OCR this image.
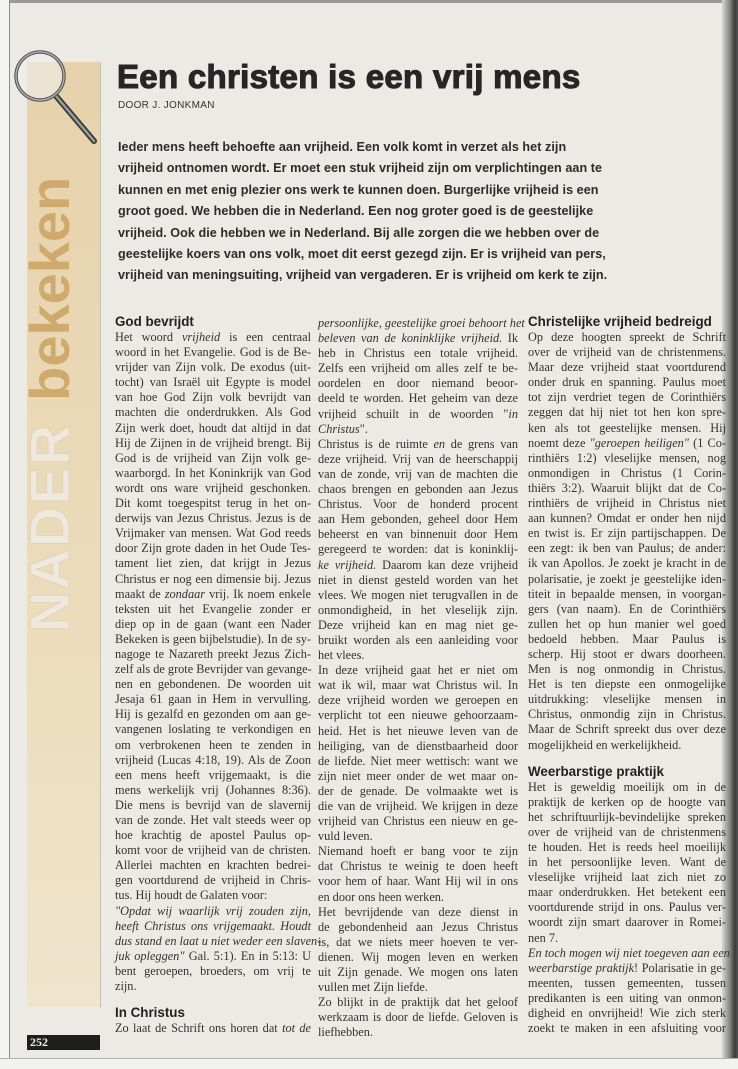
NADERbekeken
Een christen is een vrij mens
DOOR J. JONKMAN
Ieder mens heeft behoefte aan vrijheid. Een volk komt in verzet als het zijn
vrijheid ontnomen wordt. Er moet een stuk vrijheid zijn om verplichtingen aan te
kunnen en met enig plezier ons werk te kunnen doen. Burgerlijke vrijheid is een
groot goed. We hebben die in Nederland. Een nog groter goed is de geestelijke
vrijheid. Ook die hebben we in Nederland. Bij alle zorgen die we hebben over de
geestelijke koers van ons volk, moet dit eerst gezegd zijn. Er is vrijheid van pers,
vrijheid van meningsuiting, vrijheid van vergaderen. Er is vrijheid om kerk te zijn.
God bevrijdt
Het woord vrijheid is een centraal
woord in het Evangelie. God is de Be-
vrijder van Zijn volk. De exodus (uit-
tocht) van Israël uit Egypte is model
van hoe God Zijn volk bevrijdt van
machten die onderdrukken. Als God
Zijn werk doet, houdt dat altijd in dat
Hij de Zijnen in de vrijheid brengt. Bij
God is de vrijheid van Zijn volk ge-
waarborgd. In het Koninkrijk van God
wordt ons ware vrijheid geschonken.
Dit komt toegespitst terug in het on-
derwijs van Jezus Christus. Jezus is de
Vrijmaker van mensen. Wat God reeds
door Zijn grote daden in het Oude Tes-
tament liet zien, dat krijgt in Jezus
Christus er nog een dimensie bij. Jezus
maakt de zondaar vrij. Ik noem enkele
teksten uit het Evangelie zonder er
diep op in de gaan (want een Nader
Bekeken is geen bijbelstudie). In de sy-
nagoge te Nazareth preekt Jezus Zich-
zelf als de grote Bevrijder van gevange-
nen en gebondenen. De woorden uit
Jesaja 61 gaan in Hem in vervulling.
Hij is gezalfd en gezonden om aan ge-
vangenen loslating te verkondigen en
om verbrokenen heen te zenden in
vrijheid (Lucas 4:18, 19). Als de Zoon
een mens heeft vrijgemaakt, is die
mens werkelijk vrij (Johannes 8:36).
Die mens is bevrijd van de slavernij
van de zonde. Het valt steeds weer op
hoe krachtig de apostel Paulus op-
komt voor de vrijheid van de christen.
Allerlei machten en krachten bedrei-
gen voortdurend de vrijheid in Chris-
tus. Hij houdt de Galaten voor:
"Opdat wij waarlijk vrij zouden zijn,
heeft Christus ons vrijgemaakt. Houdt
dus stand en laat u niet weder een slaven-
juk opleggen" Gal. 5:1). En in 5:13: U
bent geroepen, broeders, om vrij te
zijn.
In Christus
Zo laat de Schrift ons horen dat tot de
persoonlijke, geestelijke groei behoort het
beleven van de koninklijke vrijheid. Ik
heb in Christus een totale vrijheid.
Zelfs een vrijheid om alles zelf te be-
oordelen en door niemand beoor-
deeld te worden. Het geheim van deze
vrijheid schuilt in de woorden "in
Christus".
Christus is de ruimte en de grens van
deze vrijheid. Vrij van de heerschappij
van de zonde, vrij van de machten die
chaos brengen en gebonden aan Jezus
Christus. Voor de honderd procent
aan Hem gebonden, geheel door Hem
beheerst en van binnenuit door Hem
geregeerd te worden: dat is koninklij-
ke vrijheid. Daarom kan deze vrijheid
niet in dienst gesteld worden van het
vlees. We mogen niet terugvallen in de
onmondigheid, in het vleselijk zijn.
Deze vrijheid kan en mag niet ge-
bruikt worden als een aanleiding voor
het vlees.
In deze vrijheid gaat het er niet om
wat ik wil, maar wat Christus wil. In
deze vrijheid worden we geroepen en
verplicht tot een nieuwe gehoorzaam-
heid. Het is het nieuwe leven van de
heiliging, van de dienstbaarheid door
de liefde. Niet meer wettisch: want we
zijn niet meer onder de wet maar on-
der de genade. De volmaakte wet is
die van de vrijheid. We krijgen in deze
vrijheid van Christus een nieuw en ge-
vuld leven.
Niemand hoeft er bang voor te zijn
dat Christus te weinig te doen heeft
voor hem of haar. Want Hij wil in ons
en door ons heen werken.
Het bevrijdende van deze dienst in
de gebondenheid aan Jezus Christus
is, dat we niets meer hoeven te ver-
dienen. Wij mogen leven en werken
uit Zijn genade. We mogen ons laten
vullen met Zijn liefde.
Zo blijkt in de praktijk dat het geloof
werkzaam is door de liefde. Geloven is
liefhebben.
Christelijke vrijheid bedreigd
Op deze hoogten spreekt de Schrift
over de vrijheid van de christenmens.
Maar deze vrijheid staat voortdurend
onder druk en spanning. Paulus moet
tot zijn verdriet tegen de Corinthiërs
zeggen dat hij niet tot hen kon spre-
ken als tot geestelijke mensen. Hij
noemt deze "geroepen heiligen" (1 Co-
rinthiërs 1:2) vleselijke mensen, nog
onmondigen in Christus (1 Corin-
thiërs 3:2). Waaruit blijkt dat de Co-
rinthiërs de vrijheid in Christus niet
aan kunnen? Omdat er onder hen nijd
en twist is. Er zijn partijschappen. De
een zegt: ik ben van Paulus; de ander:
ik van Apollos. Je zoekt je kracht in de
polarisatie, je zoekt je geestelijke iden-
titeit in bepaalde mensen, in voorgan-
gers (van naam). En de Corinthiërs
zullen het op hun manier wel goed
bedoeld hebben. Maar Paulus is
scherp. Hij stoot er dwars doorheen.
Men is nog onmondig in Christus.
Het is ten diepste een onmogelijke
uitdrukking: vleselijke mensen in
Christus, onmondig zijn in Christus.
Maar de Schrift spreekt dus over deze
mogelijkheid en werkelijkheid.
Weerbarstige praktijk
Het is geweldig moeilijk om in de
praktijk de kerken op de hoogte van
het schriftuurlijk-bevindelijke spreken
over de vrijheid van de christenmens
te houden. Het is reeds heel moeilijk
in het persoonlijke leven. Want de
vleselijke vrijheid laat zich niet zo
maar onderdrukken. Het betekent een
voortdurende strijd in ons. Paulus ver-
woordt zijn smart daarover in Romei-
nen 7.
En toch mogen wij niet toegeven aan een
weerbarstige praktijk! Polarisatie in ge-
meenten, tussen gemeenten, tussen
predikanten is een uiting van onmon-
digheid en onvrijheid! Wie zich sterk
zoekt te maken in een afsluiting voor
252
